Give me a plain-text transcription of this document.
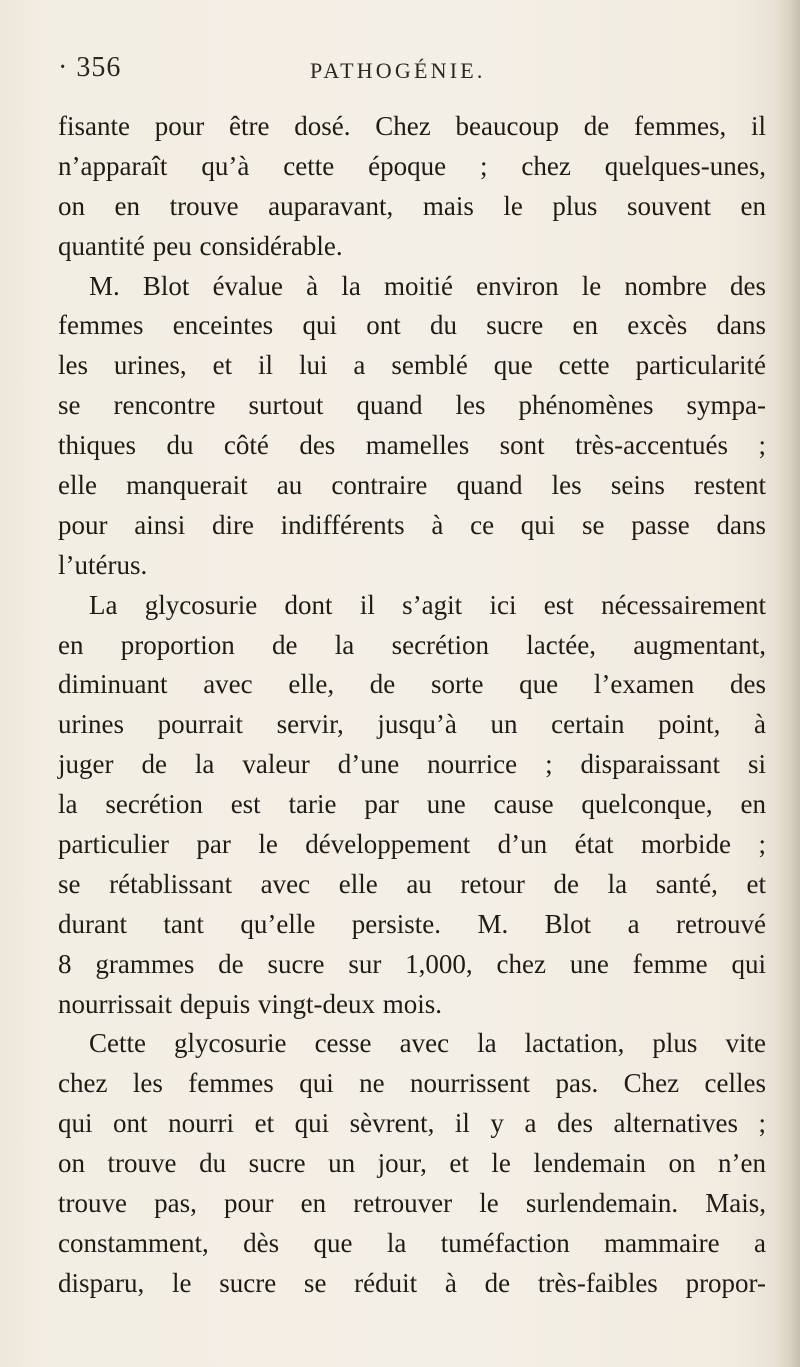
· 356	PATHOGÉNIE.
fisante pour être dosé. Chez beaucoup de femmes, il
n’apparaît qu’à cette époque ; chez quelques-unes,
on en trouve auparavant, mais le plus souvent en
quantité peu considérable.
M. Blot évalue à la moitié environ le nombre des
femmes enceintes qui ont du sucre en excès dans
les urines, et il lui a semblé que cette particularité
se rencontre surtout quand les phénomènes sympa-
thiques du côté des mamelles sont très-accentués ;
elle manquerait au contraire quand les seins restent
pour ainsi dire indifférents à ce qui se passe dans
l’utérus.
La glycosurie dont il s’agit ici est nécessairement
en proportion de la secrétion lactée, augmentant,
diminuant avec elle, de sorte que l’examen des
urines pourrait servir, jusqu’à un certain point, à
juger de la valeur d’une nourrice ; disparaissant si
la secrétion est tarie par une cause quelconque, en
particulier par le développement d’un état morbide ;
se rétablissant avec elle au retour de la santé, et
durant tant qu’elle persiste. M. Blot a retrouvé
8 grammes de sucre sur 1,000, chez une femme qui
nourrissait depuis vingt-deux mois.
Cette glycosurie cesse avec la lactation, plus vite
chez les femmes qui ne nourrissent pas. Chez celles
qui ont nourri et qui sèvrent, il y a des alternatives ;
on trouve du sucre un jour, et le lendemain on n’en
trouve pas, pour en retrouver le surlendemain. Mais,
constamment, dès que la tuméfaction mammaire a
disparu, le sucre se réduit à de très-faibles propor-
